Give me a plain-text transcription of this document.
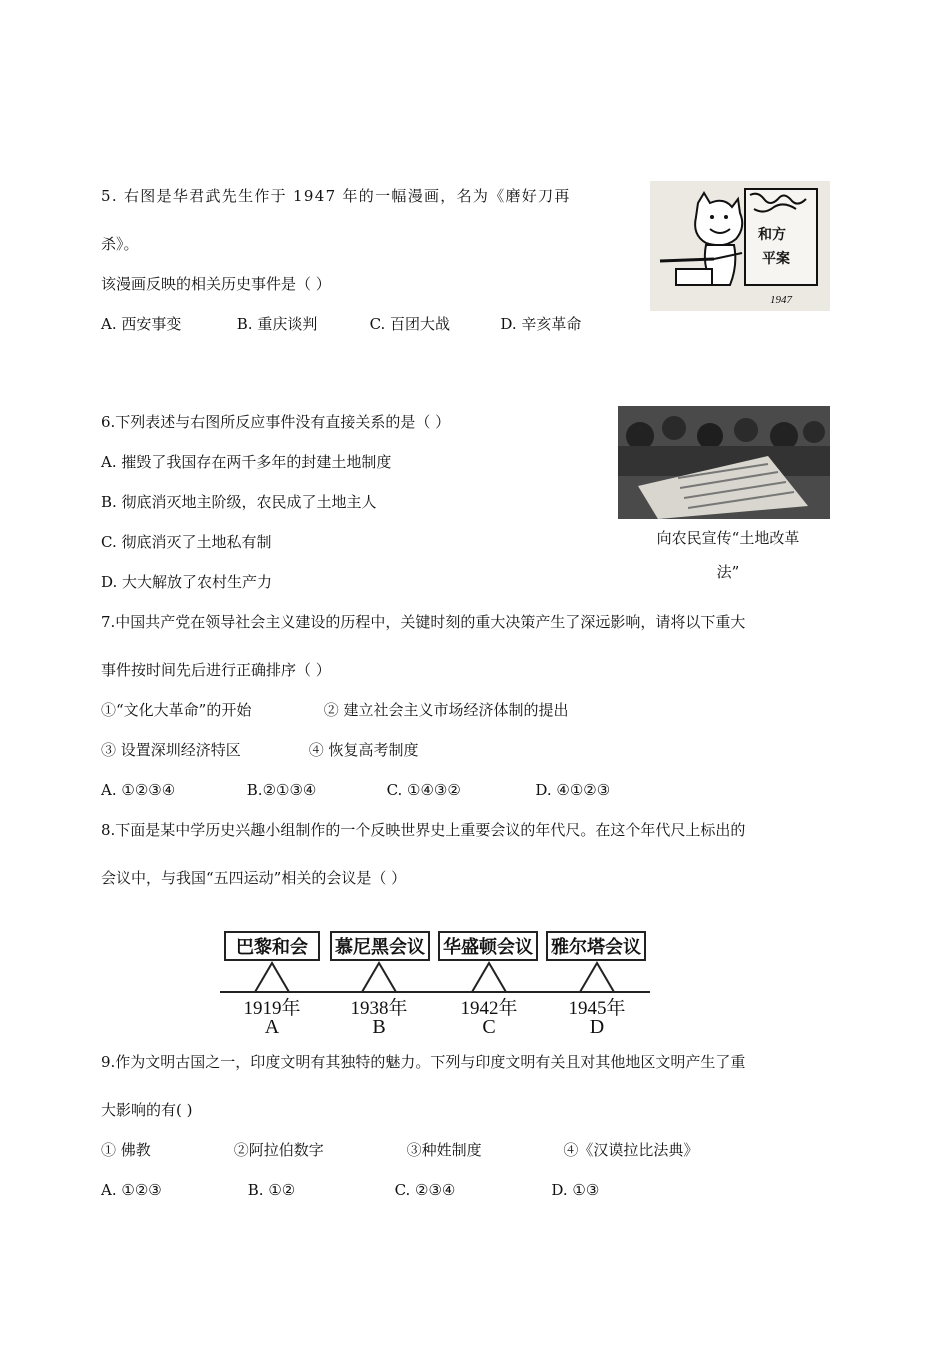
5. 右图是华君武先生作于 1947 年的一幅漫画，名为《磨好刀再
杀》。
该漫画反映的相关历史事件是（ ）
A. 西安事变	B. 重庆谈判	C. 百团大战	D. 辛亥革命
和方
平案
1947
6.下列表述与右图所反应事件没有直接关系的是（ ）
A. 摧毁了我国存在两千多年的封建土地制度
B. 彻底消灭地主阶级，农民成了土地主人
C. 彻底消灭了土地私有制
D. 大大解放了农村生产力
向农民宣传“土地改革
法”
7.中国共产党在领导社会主义建设的历程中，关键时刻的重大决策产生了深远影响，请将以下重大
事件按时间先后进行正确排序（ ）
①“文化大革命”的开始	② 建立社会主义市场经济体制的提出
③ 设置深圳经济特区	④ 恢复高考制度
A. ①②③④	B.②①③④	C. ①④③②	D. ④①②③
8.下面是某中学历史兴趣小组制作的一个反映世界史上重要会议的年代尺。在这个年代尺上标出的
会议中，与我国“五四运动”相关的会议是（ ）
巴黎和会	慕尼黑会议 华盛顿会议 雅尔塔会议
1919年	1938年	1942年	1945年
A	B	C	D
9.作为文明古国之一，印度文明有其独特的魅力。下列与印度文明有关且对其他地区文明产生了重
大影响的有( )
① 佛教	②阿拉伯数字	③种姓制度	④《汉谟拉比法典》
A. ①②③	B. ①②	C. ②③④	D. ①③
